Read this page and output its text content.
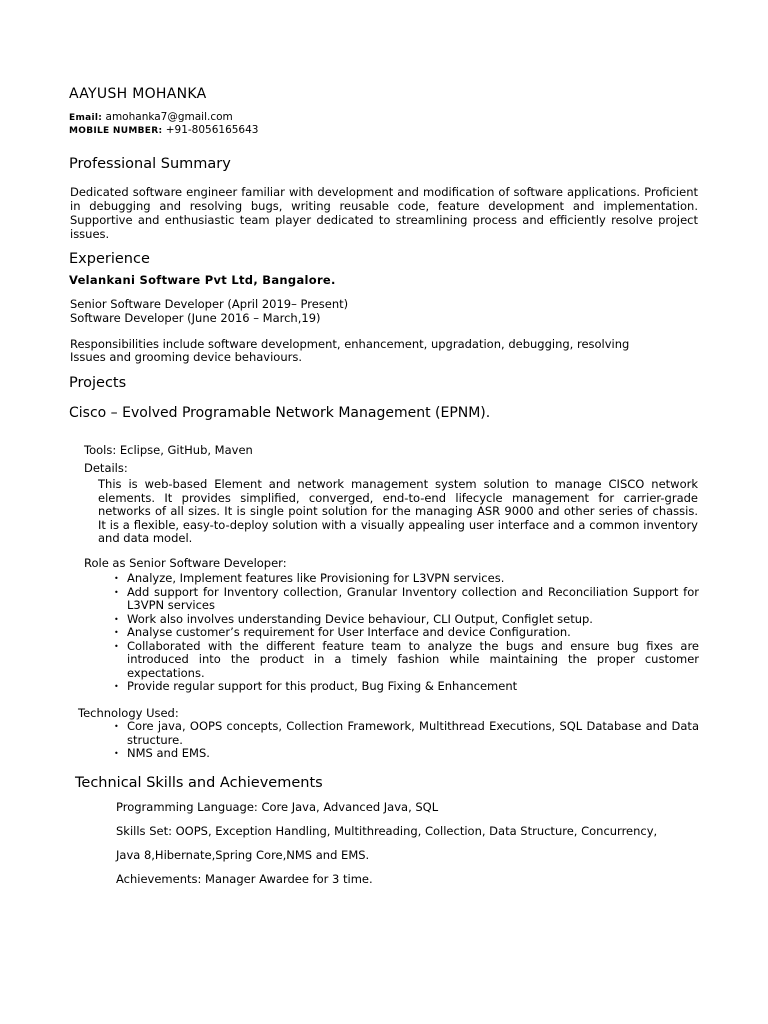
AAYUSH MOHANKA
Email: amohanka7@gmail.com
MOBILE NUMBER: +91-8056165643
Professional Summary
Dedicated software engineer familiar with development and modification of software applications. Proficient in debugging and resolving bugs, writing reusable code, feature development and implementation. Supportive and enthusiastic team player dedicated to streamlining process and efficiently resolve project issues.
Experience
Velankani Software Pvt Ltd, Bangalore.
Senior Software Developer (April 2019– Present)
Software Developer (June 2016 – March,19)
Responsibilities include software development, enhancement, upgradation, debugging, resolving
Issues and grooming device behaviours.
Projects
Cisco – Evolved Programable Network Management (EPNM).
Tools: Eclipse, GitHub, Maven
Details:
This is web-based Element and network management system solution to manage CISCO network elements. It provides simplified, converged, end-to-end lifecycle management for carrier-grade networks of all sizes. It is single point solution for the managing ASR 9000 and other series of chassis. It is a flexible, easy-to-deploy solution with a visually appealing user interface and a common inventory and data model.
Role as Senior Software Developer:
• Analyze, Implement features like Provisioning for L3VPN services.
• Add support for Inventory collection, Granular Inventory collection and Reconciliation Support for L3VPN services
• Work also involves understanding Device behaviour, CLI Output, Configlet setup.
• Analyse customer’s requirement for User Interface and device Configuration.
• Collaborated with the different feature team to analyze the bugs and ensure bug fixes are introduced into the product in a timely fashion while maintaining the proper customer expectations.
• Provide regular support for this product, Bug Fixing & Enhancement
Technology Used:
• Core java, OOPS concepts, Collection Framework, Multithread Executions, SQL Database and Data structure.
• NMS and EMS.
Technical Skills and Achievements
Programming Language: Core Java, Advanced Java, SQL
Skills Set: OOPS, Exception Handling, Multithreading, Collection, Data Structure, Concurrency,
Java 8,Hibernate,Spring Core,NMS and EMS.
Achievements: Manager Awardee for 3 time.
